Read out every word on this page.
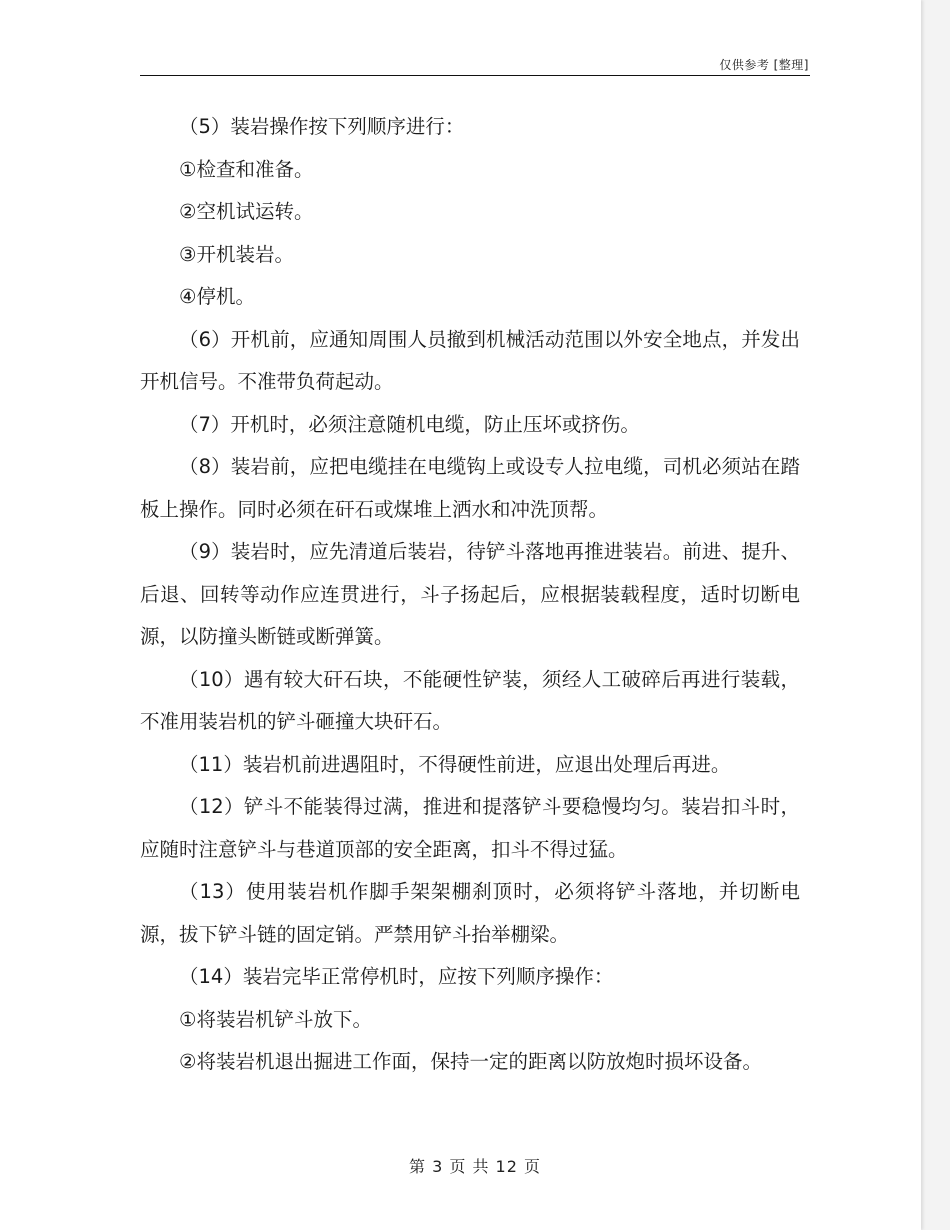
仅供参考 [整理]

（5）装岩操作按下列顺序进行：

①检查和准备。

②空机试运转。

③开机装岩。

④停机。

（6）开机前，应通知周围人员撤到机械活动范围以外安全地点，并发出开机信号。不准带负荷起动。

（7）开机时，必须注意随机电缆，防止压坏或挤伤。

（8）装岩前，应把电缆挂在电缆钩上或设专人拉电缆，司机必须站在踏板上操作。同时必须在矸石或煤堆上洒水和冲洗顶帮。

（9）装岩时，应先清道后装岩，待铲斗落地再推进装岩。前进、提升、后退、回转等动作应连贯进行，斗子扬起后，应根据装载程度，适时切断电源，以防撞头断链或断弹簧。

（10）遇有较大矸石块，不能硬性铲装，须经人工破碎后再进行装载，不准用装岩机的铲斗砸撞大块矸石。

（11）装岩机前进遇阻时，不得硬性前进，应退出处理后再进。

（12）铲斗不能装得过满，推进和提落铲斗要稳慢均匀。装岩扣斗时，应随时注意铲斗与巷道顶部的安全距离，扣斗不得过猛。

（13）使用装岩机作脚手架架棚刹顶时，必须将铲斗落地，并切断电源，拔下铲斗链的固定销。严禁用铲斗抬举棚梁。

（14）装岩完毕正常停机时，应按下列顺序操作：

①将装岩机铲斗放下。

②将装岩机退出掘进工作面，保持一定的距离以防放炮时损坏设备。

第 3 页 共 12 页
